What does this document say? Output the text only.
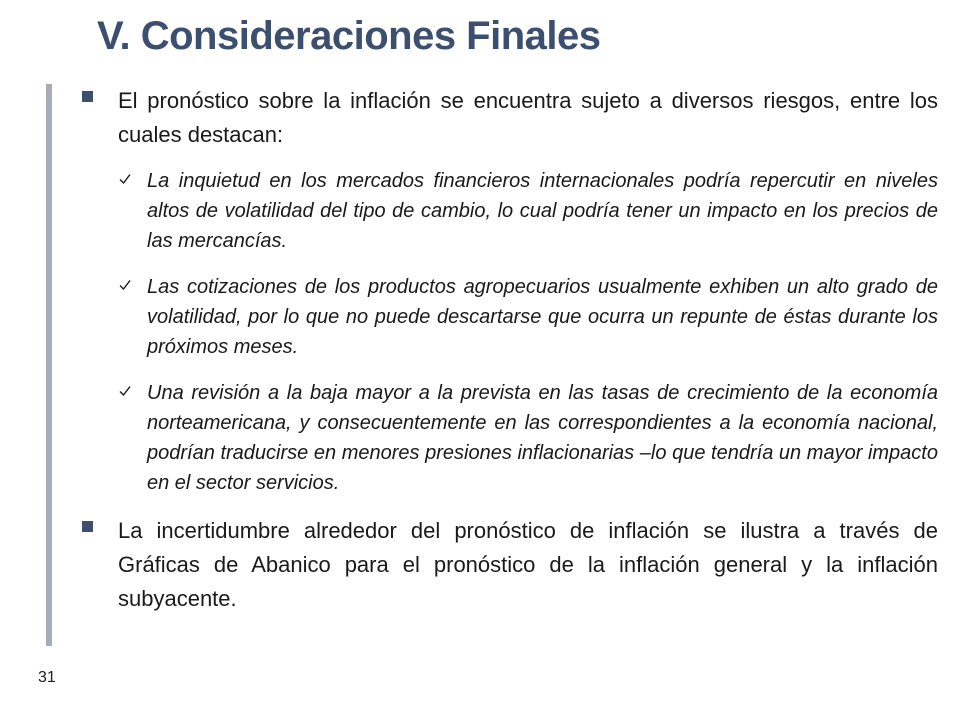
V. Consideraciones Finales
El pronóstico sobre la inflación se encuentra sujeto a diversos riesgos, entre los cuales destacan:
La inquietud en los mercados financieros internacionales podría repercutir en niveles altos de volatilidad del tipo de cambio, lo cual podría tener un impacto en los precios de las mercancías.
Las cotizaciones de los productos agropecuarios usualmente exhiben un alto grado de volatilidad, por lo que no puede descartarse que ocurra un repunte de éstas durante los próximos meses.
Una revisión a la baja mayor a la prevista en las tasas de crecimiento de la economía norteamericana, y consecuentemente en las correspondientes a la economía nacional, podrían traducirse en menores presiones inflacionarias –lo que tendría un mayor impacto en el sector servicios.
La incertidumbre alrededor del pronóstico de inflación se ilustra a través de Gráficas de Abanico para el pronóstico de la inflación general y la inflación subyacente.
31
